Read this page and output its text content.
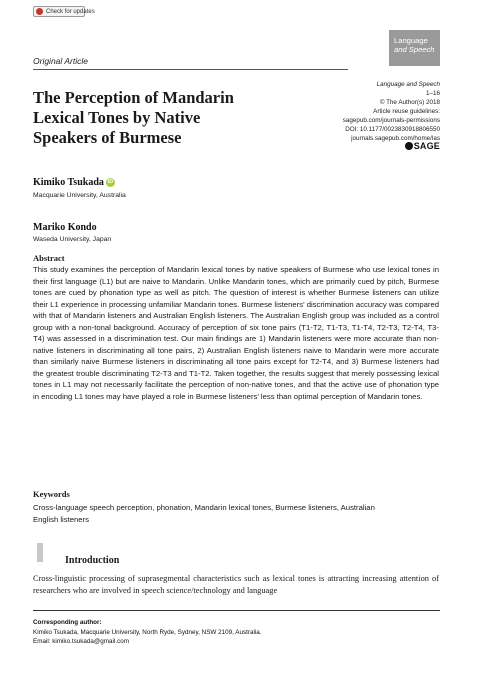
Check for updates
Original Article
Language
and Speech
The Perception of Mandarin
Lexical Tones by Native
Speakers of Burmese
Language and Speech
1–16
© The Author(s) 2018
Article reuse guidelines:
sagepub.com/journals-permissions
DOI: 10.1177/0023830918806550
journals.sagepub.com/home/las
SAGE
Kimiko Tsukada iD
Macquarie University, Australia
Mariko Kondo
Waseda University, Japan
Abstract
This study examines the perception of Mandarin lexical tones by native speakers of Burmese who use lexical tones in their first language (L1) but are naive to Mandarin. Unlike Mandarin tones, which are primarily cued by pitch, Burmese tones are cued by phonation type as well as pitch. The question of interest is whether Burmese listeners can utilize their L1 experience in processing unfamiliar Mandarin tones. Burmese listeners’ discrimination accuracy was compared with that of Mandarin listeners and Australian English listeners. The Australian English group was included as a control group with a non-tonal background. Accuracy of perception of six tone pairs (T1-T2, T1-T3, T1-T4, T2-T3, T2-T4, T3-T4) was assessed in a discrimination test. Our main findings are 1) Mandarin listeners were more accurate than non-native listeners in discriminating all tone pairs, 2) Australian English listeners naive to Mandarin were more accurate than similarly naive Burmese listeners in discriminating all tone pairs except for T2-T4, and 3) Burmese listeners had the greatest trouble discriminating T2-T3 and T1-T2. Taken together, the results suggest that merely possessing lexical tones in L1 may not necessarily facilitate the perception of non-native tones, and that the active use of phonation type in encoding L1 tones may have played a role in Burmese listeners’ less than optimal perception of Mandarin tones.
Keywords
Cross-language speech perception, phonation, Mandarin lexical tones, Burmese listeners, Australian English listeners
Introduction
Cross-linguistic processing of suprasegmental characteristics such as lexical tones is attracting increasing attention of researchers who are involved in speech science/technology and language
Corresponding author:
Kimiko Tsukada, Macquarie University, North Ryde, Sydney, NSW 2109, Australia.
Email: kimiko.tsukada@gmail.com
